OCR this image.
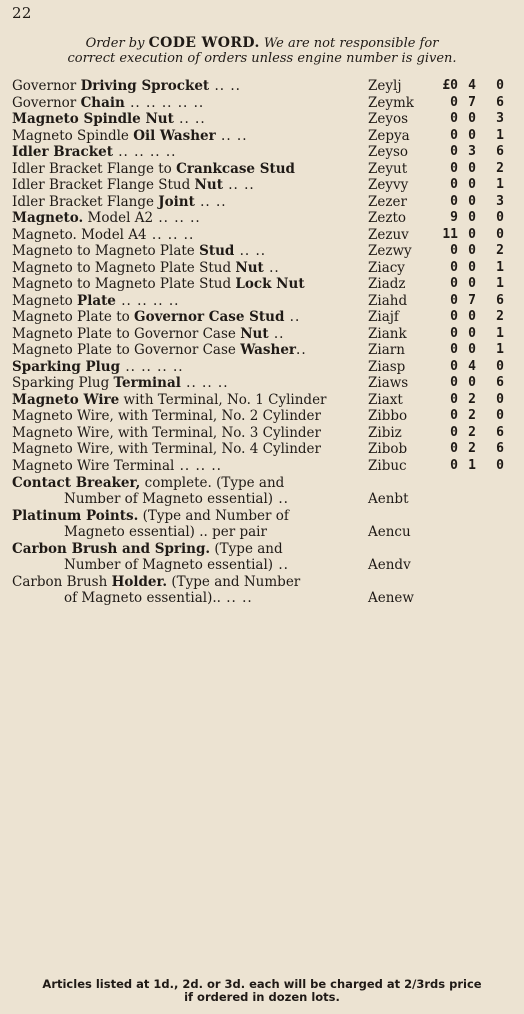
22
Order by CODE WORD. We are not responsible for
correct execution of orders unless engine number is given.
Governor Driving Sprocket .. ..	Zeylj	£0 4	0
Governor Chain .. .. .. .. ..	Zeymk	0 7	6
Magneto Spindle Nut .. ..	Zeyos	0 0	3
Magneto Spindle Oil Washer .. ..	Zepya	0 0	1
Idler Bracket .. .. .. ..	Zeyso	0 3	6
Idler Bracket Flange to Crankcase Stud	Zeyut	0 0	2
Idler Bracket Flange Stud Nut .. ..	Zeyvy	0 0	1
Idler Bracket Flange Joint .. ..	Zezer	0 0	3
Magneto. Model A2 .. .. ..	Zezto	9 0	0
Magneto. Model A4 .. .. ..	Zezuv	11 0	0
Magneto to Magneto Plate Stud .. ..	Zezwy	0 0	2
Magneto to Magneto Plate Stud Nut ..	Ziacy	0 0	1
Magneto to Magneto Plate Stud Lock Nut	Ziadz	0 0	1
Magneto Plate .. .. .. ..	Ziahd	0 7	6
Magneto Plate to Governor Case Stud ..	Ziajf	0 0	2
Magneto Plate to Governor Case Nut ..	Ziank	0 0	1
Magneto Plate to Governor Case Washer..	Ziarn	0 0	1
Sparking Plug .. .. .. ..	Ziasp	0 4	0
Sparking Plug Terminal .. .. ..	Ziaws	0 0	6
Magneto Wire with Terminal, No. 1 Cylinder	Ziaxt	0 2	0
Magneto Wire, with Terminal, No. 2 Cylinder	Zibbo	0 2	0
Magneto Wire, with Terminal, No. 3 Cylinder	Zibiz	0 2	6
Magneto Wire, with Terminal, No. 4 Cylinder	Zibob	0 2	6
Magneto Wire Terminal .. .. ..	Zibuc	0 1	0
Contact Breaker, complete. (Type and
Number of Magneto essential) ..	Aenbt
Platinum Points. (Type and Number of
Magneto essential) .. per pair	Aencu
Carbon Brush and Spring. (Type and
Number of Magneto essential) ..	Aendv
Carbon Brush Holder. (Type and Number
of Magneto essential).. .. ..	Aenew
Articles listed at 1d., 2d. or 3d. each will be charged at 2/3rds price
if ordered in dozen lots.
